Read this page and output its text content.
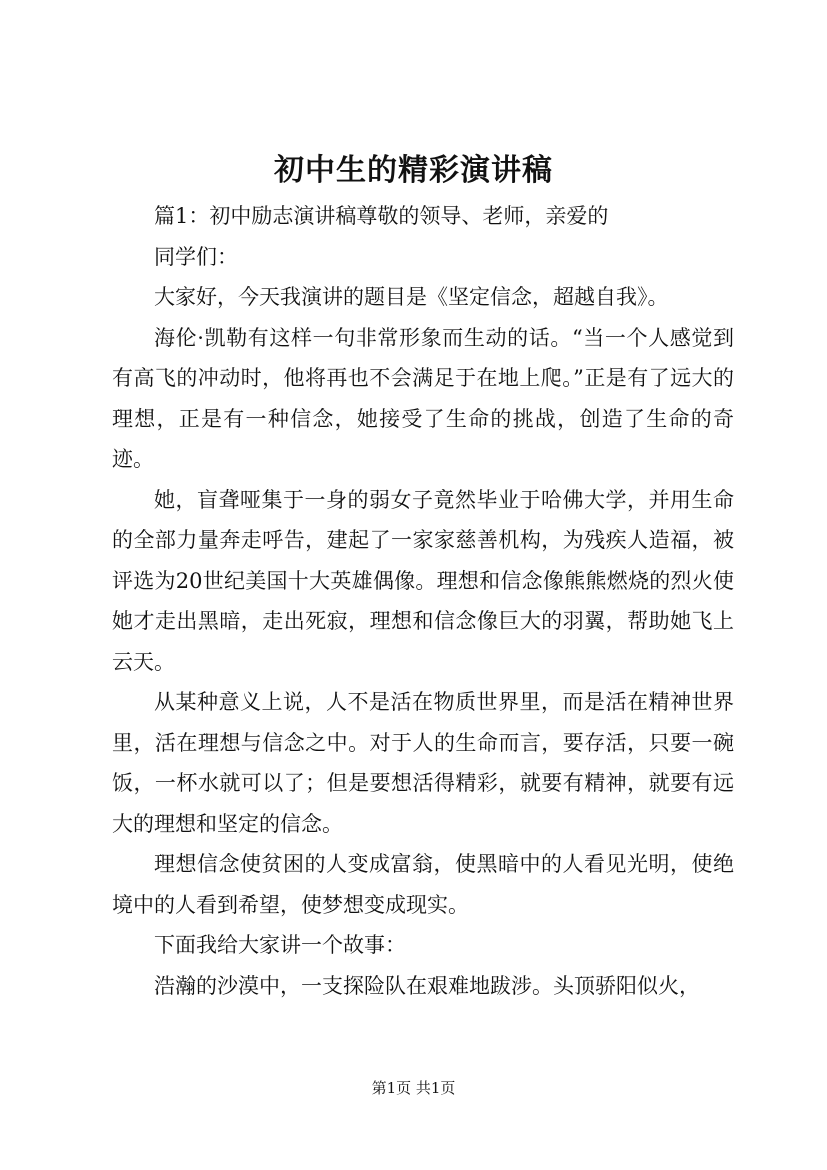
初中生的精彩演讲稿

篇1：初中励志演讲稿尊敬的领导、老师，亲爱的

同学们：

大家好，今天我演讲的题目是《坚定信念，超越自我》。

海伦·凯勒有这样一句非常形象而生动的话。“当一个人感觉到有高飞的冲动时，他将再也不会满足于在地上爬。”正是有了远大的理想，正是有一种信念，她接受了生命的挑战，创造了生命的奇迹。

她，盲聋哑集于一身的弱女子竟然毕业于哈佛大学，并用生命的全部力量奔走呼告，建起了一家家慈善机构，为残疾人造福，被评选为20世纪美国十大英雄偶像。理想和信念像熊熊燃烧的烈火使她才走出黑暗，走出死寂，理想和信念像巨大的羽翼，帮助她飞上云天。

从某种意义上说，人不是活在物质世界里，而是活在精神世界里，活在理想与信念之中。对于人的生命而言，要存活，只要一碗饭，一杯水就可以了；但是要想活得精彩，就要有精神，就要有远大的理想和坚定的信念。

理想信念使贫困的人变成富翁，使黑暗中的人看见光明，使绝境中的人看到希望，使梦想变成现实。

下面我给大家讲一个故事：

浩瀚的沙漠中，一支探险队在艰难地跋涉。头顶骄阳似火，

第1页 共1页
